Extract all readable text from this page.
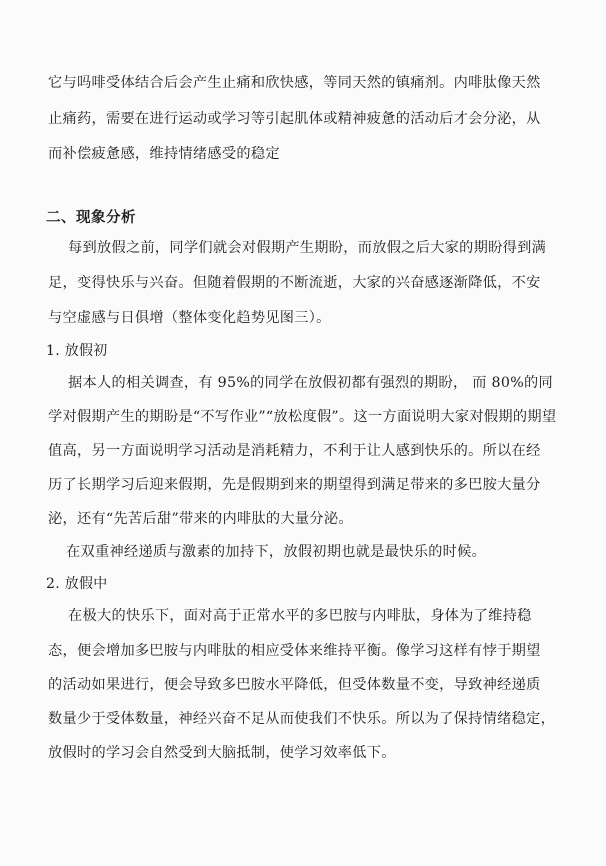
它与吗啡受体结合后会产生止痛和欣快感，等同天然的镇痛剂。内啡肽像天然
止痛药，需要在进行运动或学习等引起肌体或精神疲惫的活动后才会分泌，从
而补偿疲惫感，维持情绪感受的稳定
二、现象分析
每到放假之前，同学们就会对假期产生期盼，而放假之后大家的期盼得到满
足，变得快乐与兴奋。但随着假期的不断流逝，大家的兴奋感逐渐降低，不安
与空虚感与日俱增（整体变化趋势见图三）。
1. 放假初
据本人的相关调查，有 95%的同学在放假初都有强烈的期盼， 而 80%的同
学对假期产生的期盼是“不写作业”“放松度假”。这一方面说明大家对假期的期望
值高，另一方面说明学习活动是消耗精力，不利于让人感到快乐的。所以在经
历了长期学习后迎来假期，先是假期到来的期望得到满足带来的多巴胺大量分
泌，还有“先苦后甜”带来的内啡肽的大量分泌。
在双重神经递质与激素的加持下，放假初期也就是最快乐的时候。
2. 放假中
在极大的快乐下，面对高于正常水平的多巴胺与内啡肽，身体为了维持稳
态，便会增加多巴胺与内啡肽的相应受体来维持平衡。像学习这样有悖于期望
的活动如果进行，便会导致多巴胺水平降低，但受体数量不变，导致神经递质
数量少于受体数量，神经兴奋不足从而使我们不快乐。所以为了保持情绪稳定，
放假时的学习会自然受到大脑抵制，使学习效率低下。
